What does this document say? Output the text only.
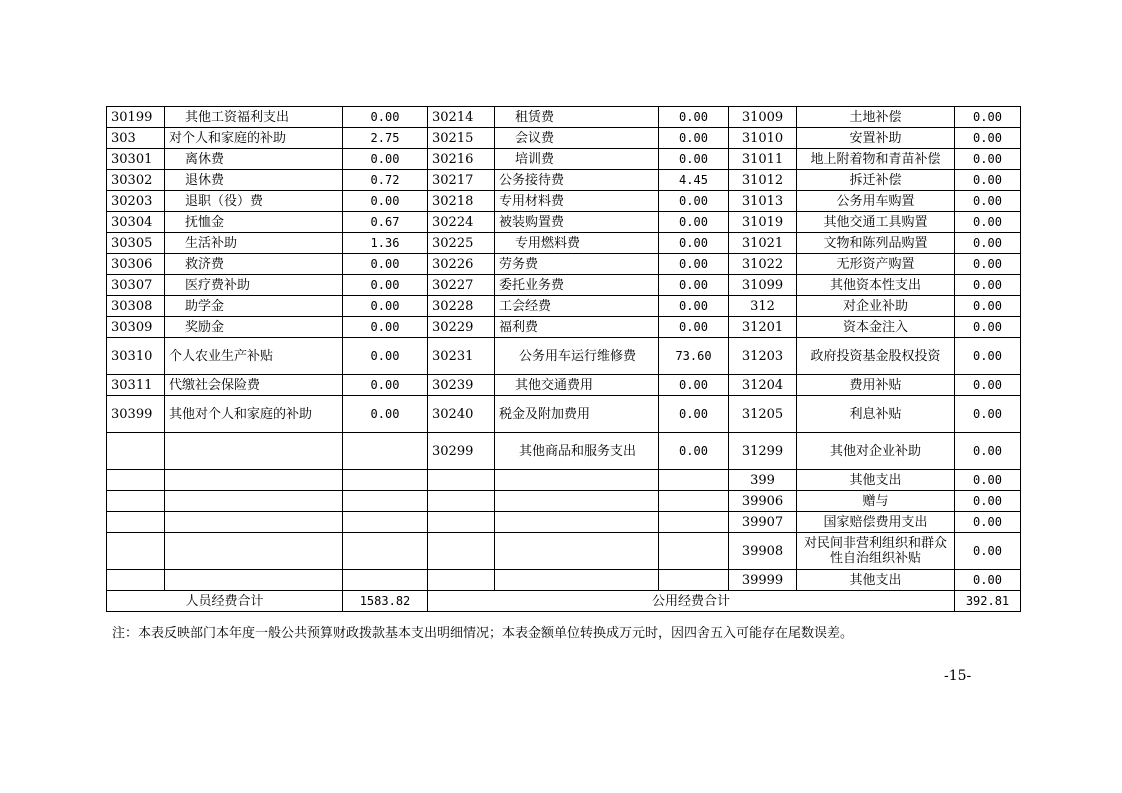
30199	其他工资福利支出	0.00	30214	租赁费	0.00	31009	土地补偿	0.00
303	对个人和家庭的补助	2.75	30215	会议费	0.00	31010	安置补助	0.00
30301	离休费	0.00	30216	培训费	0.00	31011	地上附着物和青苗补偿	0.00
30302	退休费	0.72	30217	公务接待费	4.45	31012	拆迁补偿	0.00
30203	退职（役）费	0.00	30218	专用材料费	0.00	31013	公务用车购置	0.00
30304	抚恤金	0.67	30224	被装购置费	0.00	31019	其他交通工具购置	0.00
30305	生活补助	1.36	30225	专用燃料费	0.00	31021	文物和陈列品购置	0.00
30306	救济费	0.00	30226	劳务费	0.00	31022	无形资产购置	0.00
30307	医疗费补助	0.00	30227	委托业务费	0.00	31099	其他资本性支出	0.00
30308	助学金	0.00	30228	工会经费	0.00	312	对企业补助	0.00
30309	奖励金	0.00	30229	福利费	0.00	31201	资本金注入	0.00
30310	个人农业生产补贴	0.00	30231	公务用车运行维修费	73.60	31203	政府投资基金股权投资	0.00
30311	代缴社会保险费	0.00	30239	其他交通费用	0.00	31204	费用补贴	0.00
30399	其他对个人和家庭的补助	0.00	30240	税金及附加费用	0.00	31205	利息补贴	0.00
			30299	其他商品和服务支出	0.00	31299	其他对企业补助	0.00
						399	其他支出	0.00
						39906	赠与	0.00
						39907	国家赔偿费用支出	0.00
						39908	对民间非营利组织和群众性自治组织补贴	0.00
						39999	其他支出	0.00
人员经费合计		1583.82	公用经费合计					392.81
注：本表反映部门本年度一般公共预算财政拨款基本支出明细情况；本表金额单位转换成万元时，因四舍五入可能存在尾数误差。
-15-
